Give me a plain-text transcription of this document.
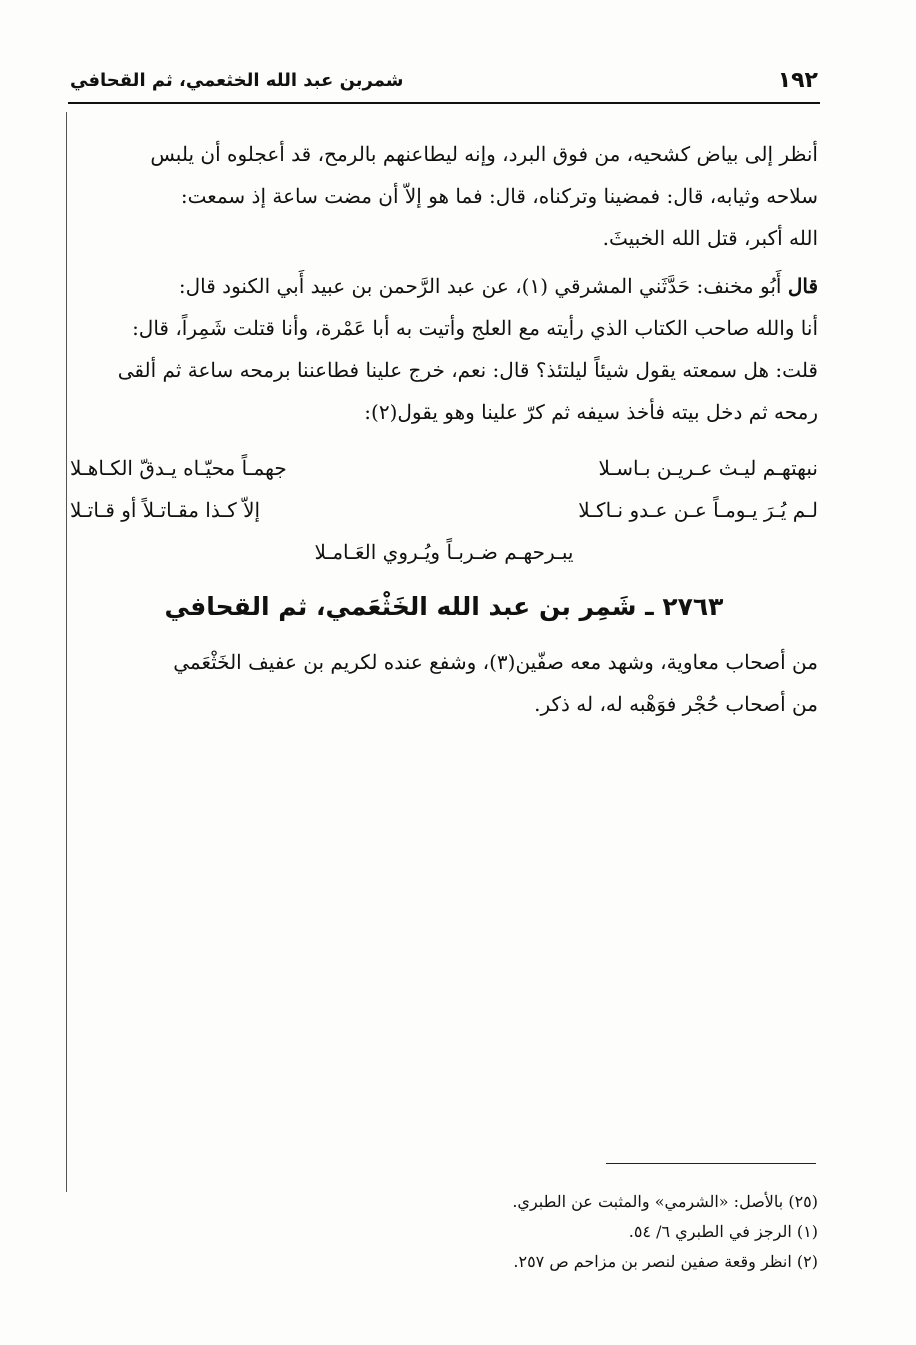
١٩٢
شمربن عبد الله الخثعمي، ثم القحافي

أنظر إلى بياض كشحيه، من فوق البرد، وإنه ليطاعنهم بالرمح، قد أعجلوه أن يلبس

سلاحه وثيابه، قال: فمضينا وتركناه، قال: فما هو إلاّ أن مضت ساعة إذ سمعت:

الله أكبر، قتل الله الخبيثَ.

قال أَبُو مخنف: حَدَّثَني المشرقي (١)، عن عبد الرَّحمن بن عبيد أَبي الكنود قال:

أنا والله صاحب الكتاب الذي رأيته مع العلج وأتيت به أبا عَمْرة، وأنا قتلت شَمِراً، قال:

قلت: هل سمعته يقول شيئاً ليلتئذ؟ قال: نعم، خرج علينا فطاعننا برمحه ساعة ثم ألقى

رمحه ثم دخل بيته فأخذ سيفه ثم كرّ علينا وهو يقول(٢):

نبهتهـم ليـث عـريـن بـاسـلا
جهمـاً محيّـاه يـدقّ الكـاهـلا
لـم يُـرَ يـومـاً عـن عـدو نـاكـلا
إلاّ كـذا مقـاتـلاً أو قـاتـلا
يبـرحهـم ضـربـاً ويُـروي العَـامـلا
٢٧٦٣ ـ شَمِر بن عبد الله الخَثْعَمي، ثم القحافي

من أصحاب معاوية، وشهد معه صفّين(٣)، وشفع عنده لكريم بن عفيف الخَثْعَمي

من أصحاب حُجْر فوَهْبه له، له ذكر.

(٢٥) بالأصل: «الشرمي» والمثبت عن الطبري.
(١) الرجز في الطبري ٦/ ٥٤.
(٢) انظر وقعة صفين لنصر بن مزاحم ص ٢٥٧.
